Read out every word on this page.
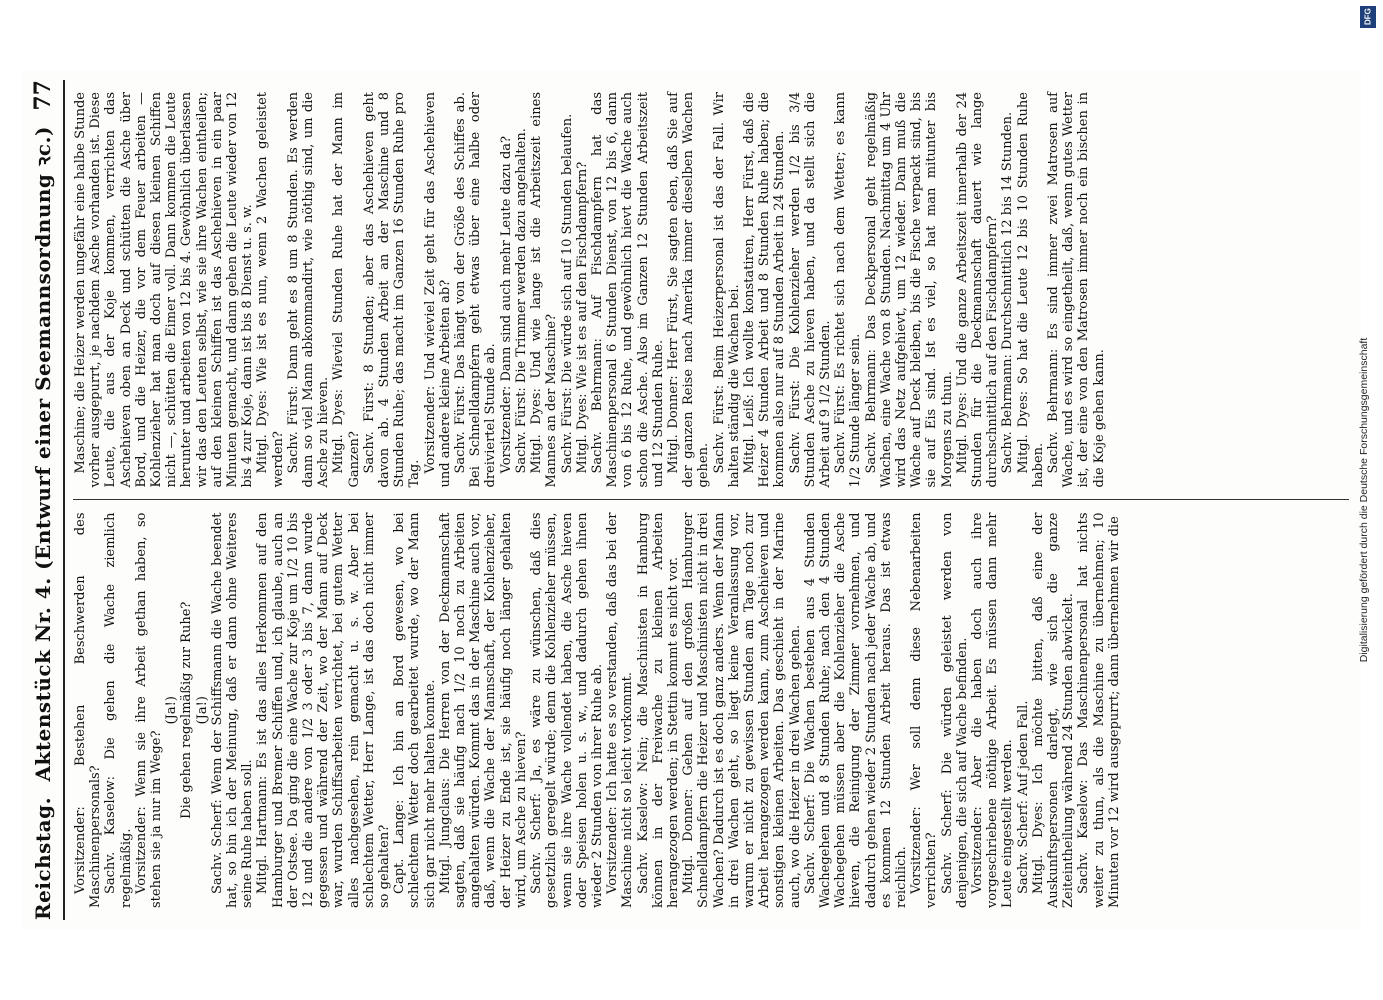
Reichstag.
Aktenstück Nr. 4. (Entwurf einer Seemannsordnung ꝛc.)
77

Vorsitzender: Bestehen Beschwerden des Maschinenpersonals? Sachv. Kaselow: Die gehen die Wache ziemlich regelmäßig. Vorsitzender: Wenn sie ihre Arbeit gethan haben, so stehen sie ja nur im Wege?

(Ja!) Die gehen regelmäßig zur Ruhe? (Ja!) Sachv. Scherf: Wenn der Schiffsmann die Wache beendet hat, so bin ich der Meinung, daß er dann ohne Weiteres seine Ruhe haben soll. Mitgl. Hartmann: Es ist das alles Herkommen auf den Hamburger und Bremer Schiffen und, ich glaube, auch an der Ostsee. Da ging die eine Wache zur Koje um 1/2 10 bis 12 und die andere von 1/2 3 oder 3 bis 7, dann wurde gegessen und während der Zeit, wo der Mann auf Deck war, wurden Schiffsarbeiten verrichtet, bei gutem Wetter alles nachgesehen, rein gemacht u. s. w. Aber bei schlechtem Wetter, Herr Lange, ist das doch nicht immer so gehalten? Capt. Lange: Ich bin an Bord gewesen, wo bei schlechtem Wetter doch gearbeitet wurde, wo der Mann sich gar nicht mehr halten konnte. Mitgl. Jungclaus: Die Herren von der Deckmannschaft sagten, daß sie häufig nach 1/2 10 noch zu Arbeiten angehalten würden. Kommt das in der Maschine auch vor, daß, wenn die Wache der Mannschaft, der Kohlenzieher, der Heizer zu Ende ist, sie häufig noch länger gehalten wird, um Asche zu hieven? Sachv. Scherf: Ja, es wäre zu wünschen, daß dies gesetzlich geregelt würde; denn die Kohlenzieher müssen, wenn sie ihre Wache vollendet haben, die Asche hieven oder Speisen holen u. s. w., und dadurch gehen ihnen wieder 2 Stunden von ihrer Ruhe ab. Vorsitzender: Ich hatte es so verstanden, daß das bei der Maschine nicht so leicht vorkommt. Sachv. Kaselow: Nein; die Maschinisten in Hamburg können in der Freiwache zu kleinen Arbeiten herangezogen werden; in Stettin kommt es nicht vor. Mitgl. Donner: Gehen auf den großen Hamburger Schnelldampfern die Heizer und Maschinisten nicht in drei Wachen? Dadurch ist es doch ganz anders. Wenn der Mann in drei Wachen geht, so liegt keine Veranlassung vor, warum er nicht zu gewissen Stunden am Tage noch zur Arbeit herangezogen werden kann, zum Aschehieven und sonstigen kleinen Arbeiten. Das geschieht in der Marine auch, wo die Heizer in drei Wachen gehen. Sachv. Scherf: Die Wachen bestehen aus 4 Stunden Wachegehen und 8 Stunden Ruhe; nach den 4 Stunden Wachegehen müssen aber die Kohlenzieher die Asche hieven, die Reinigung der Zimmer vornehmen, und dadurch gehen wieder 2 Stunden nach jeder Wache ab, und es kommen 12 Stunden Arbeit heraus. Das ist etwas reichlich. Vorsitzender: Wer soll denn diese Nebenarbeiten verrichten? Sachv. Scherf: Die würden geleistet werden von denjenigen, die sich auf Wache befinden. Vorsitzender: Aber die haben doch auch ihre vorgeschriebene nöthige Arbeit. Es müssen dann mehr Leute eingestellt werden. Sachv. Scherf: Auf jeden Fall. Mitgl. Dyes: Ich möchte bitten, daß eine der Auskunftspersonen darlegt, wie sich die ganze Zeiteintheilung während 24 Stunden abwickelt. Sachv. Kaselow: Das Maschinenpersonal hat nichts weiter zu thun, als die Maschine zu übernehmen; 10 Minuten vor 12 wird ausgepurrt; dann übernehmen wir die

Maschine; die Heizer werden ungefähr eine halbe Stunde vorher ausgepurrt, je nachdem Asche vorhanden ist. Diese Leute, die aus der Koje kommen, verrichten das Aschehieven oben an Deck und schütten die Asche über Bord, und die Heizer, die vor dem Feuer arbeiten — Kohlenzieher hat man doch auf diesen kleinen Schiffen nicht —, schütten die Eimer voll. Dann kommen die Leute herunter und arbeiten von 12 bis 4. Gewöhnlich überlassen wir das den Leuten selbst, wie sie ihre Wachen eintheilen; auf den kleinen Schiffen ist das Aschehieven in ein paar Minuten gemacht, und dann gehen die Leute wieder von 12 bis 4 zur Koje, dann ist bis 8 Dienst u. s. w. Mitgl. Dyes: Wie ist es nun, wenn 2 Wachen geleistet werden? Sachv. Fürst: Dann geht es 8 um 8 Stunden. Es werden dann so viel Mann abkommandirt, wie nöthig sind, um die Asche zu hieven. Mitgl. Dyes: Wieviel Stunden Ruhe hat der Mann im Ganzen? Sachv. Fürst: 8 Stunden; aber das Aschehieven geht davon ab. 4 Stunden Arbeit an der Maschine und 8 Stunden Ruhe; das macht im Ganzen 16 Stunden Ruhe pro Tag.

Vorsitzender: Und wieviel Zeit geht für das Aschehieven und andere kleine Arbeiten ab? Sachv. Fürst: Das hängt von der Größe des Schiffes ab. Bei Schnelldampfern geht etwas über eine halbe oder dreiviertel Stunde ab. Vorsitzender: Dann sind auch mehr Leute dazu da? Sachv. Fürst: Die Trimmer werden dazu angehalten. Mitgl. Dyes: Und wie lange ist die Arbeitszeit eines Mannes an der Maschine? Sachv. Fürst: Die würde sich auf 10 Stunden belaufen. Mitgl. Dyes: Wie ist es auf den Fischdampfern? Sachv. Behrmann: Auf Fischdampfern hat das Maschinenpersonal 6 Stunden Dienst, von 12 bis 6, dann von 6 bis 12 Ruhe, und gewöhnlich hievt die Wache auch schon die Asche. Also im Ganzen 12 Stunden Arbeitszeit und 12 Stunden Ruhe. Mitgl. Donner: Herr Fürst, Sie sagten eben, daß Sie auf der ganzen Reise nach Amerika immer dieselben Wachen gehen. Sachv. Fürst: Beim Heizerpersonal ist das der Fall. Wir halten ständig die Wachen bei. Mitgl. Leiß: Ich wollte konstatiren, Herr Fürst, daß die Heizer 4 Stunden Arbeit und 8 Stunden Ruhe haben; die kommen also nur auf 8 Stunden Arbeit in 24 Stunden. Sachv. Fürst: Die Kohlenzieher werden 1/2 bis 3/4 Stunden Asche zu hieven haben, und da stellt sich die Arbeit auf 9 1/2 Stunden. Sachv. Fürst: Es richtet sich nach dem Wetter; es kann 1/2 Stunde länger sein. Sachv. Behrmann: Das Deckpersonal geht regelmäßig Wachen, eine Wache von 8 Stunden. Nachmittag um 4 Uhr wird das Netz aufgehievt, um 12 wieder. Dann muß die Wache auf Deck bleiben, bis die Fische verpackt sind, bis sie auf Eis sind. Ist es viel, so hat man mitunter bis Morgens zu thun. Mitgl. Dyes: Und die ganze Arbeitszeit innerhalb der 24 Stunden für die Deckmannschaft dauert wie lange durchschnittlich auf den Fischdampfern? Sachv. Behrmann: Durchschnittlich 12 bis 14 Stunden. Mitgl. Dyes: So hat die Leute 12 bis 10 Stunden Ruhe haben. Sachv. Behrmann: Es sind immer zwei Matrosen auf Wache, und es wird so eingetheilt, daß, wenn gutes Wetter ist, der eine von den Matrosen immer noch ein bischen in die Koje gehen kann.

DFG
Digitalisierung gefördert durch die Deutsche Forschungsgemeinschaft
